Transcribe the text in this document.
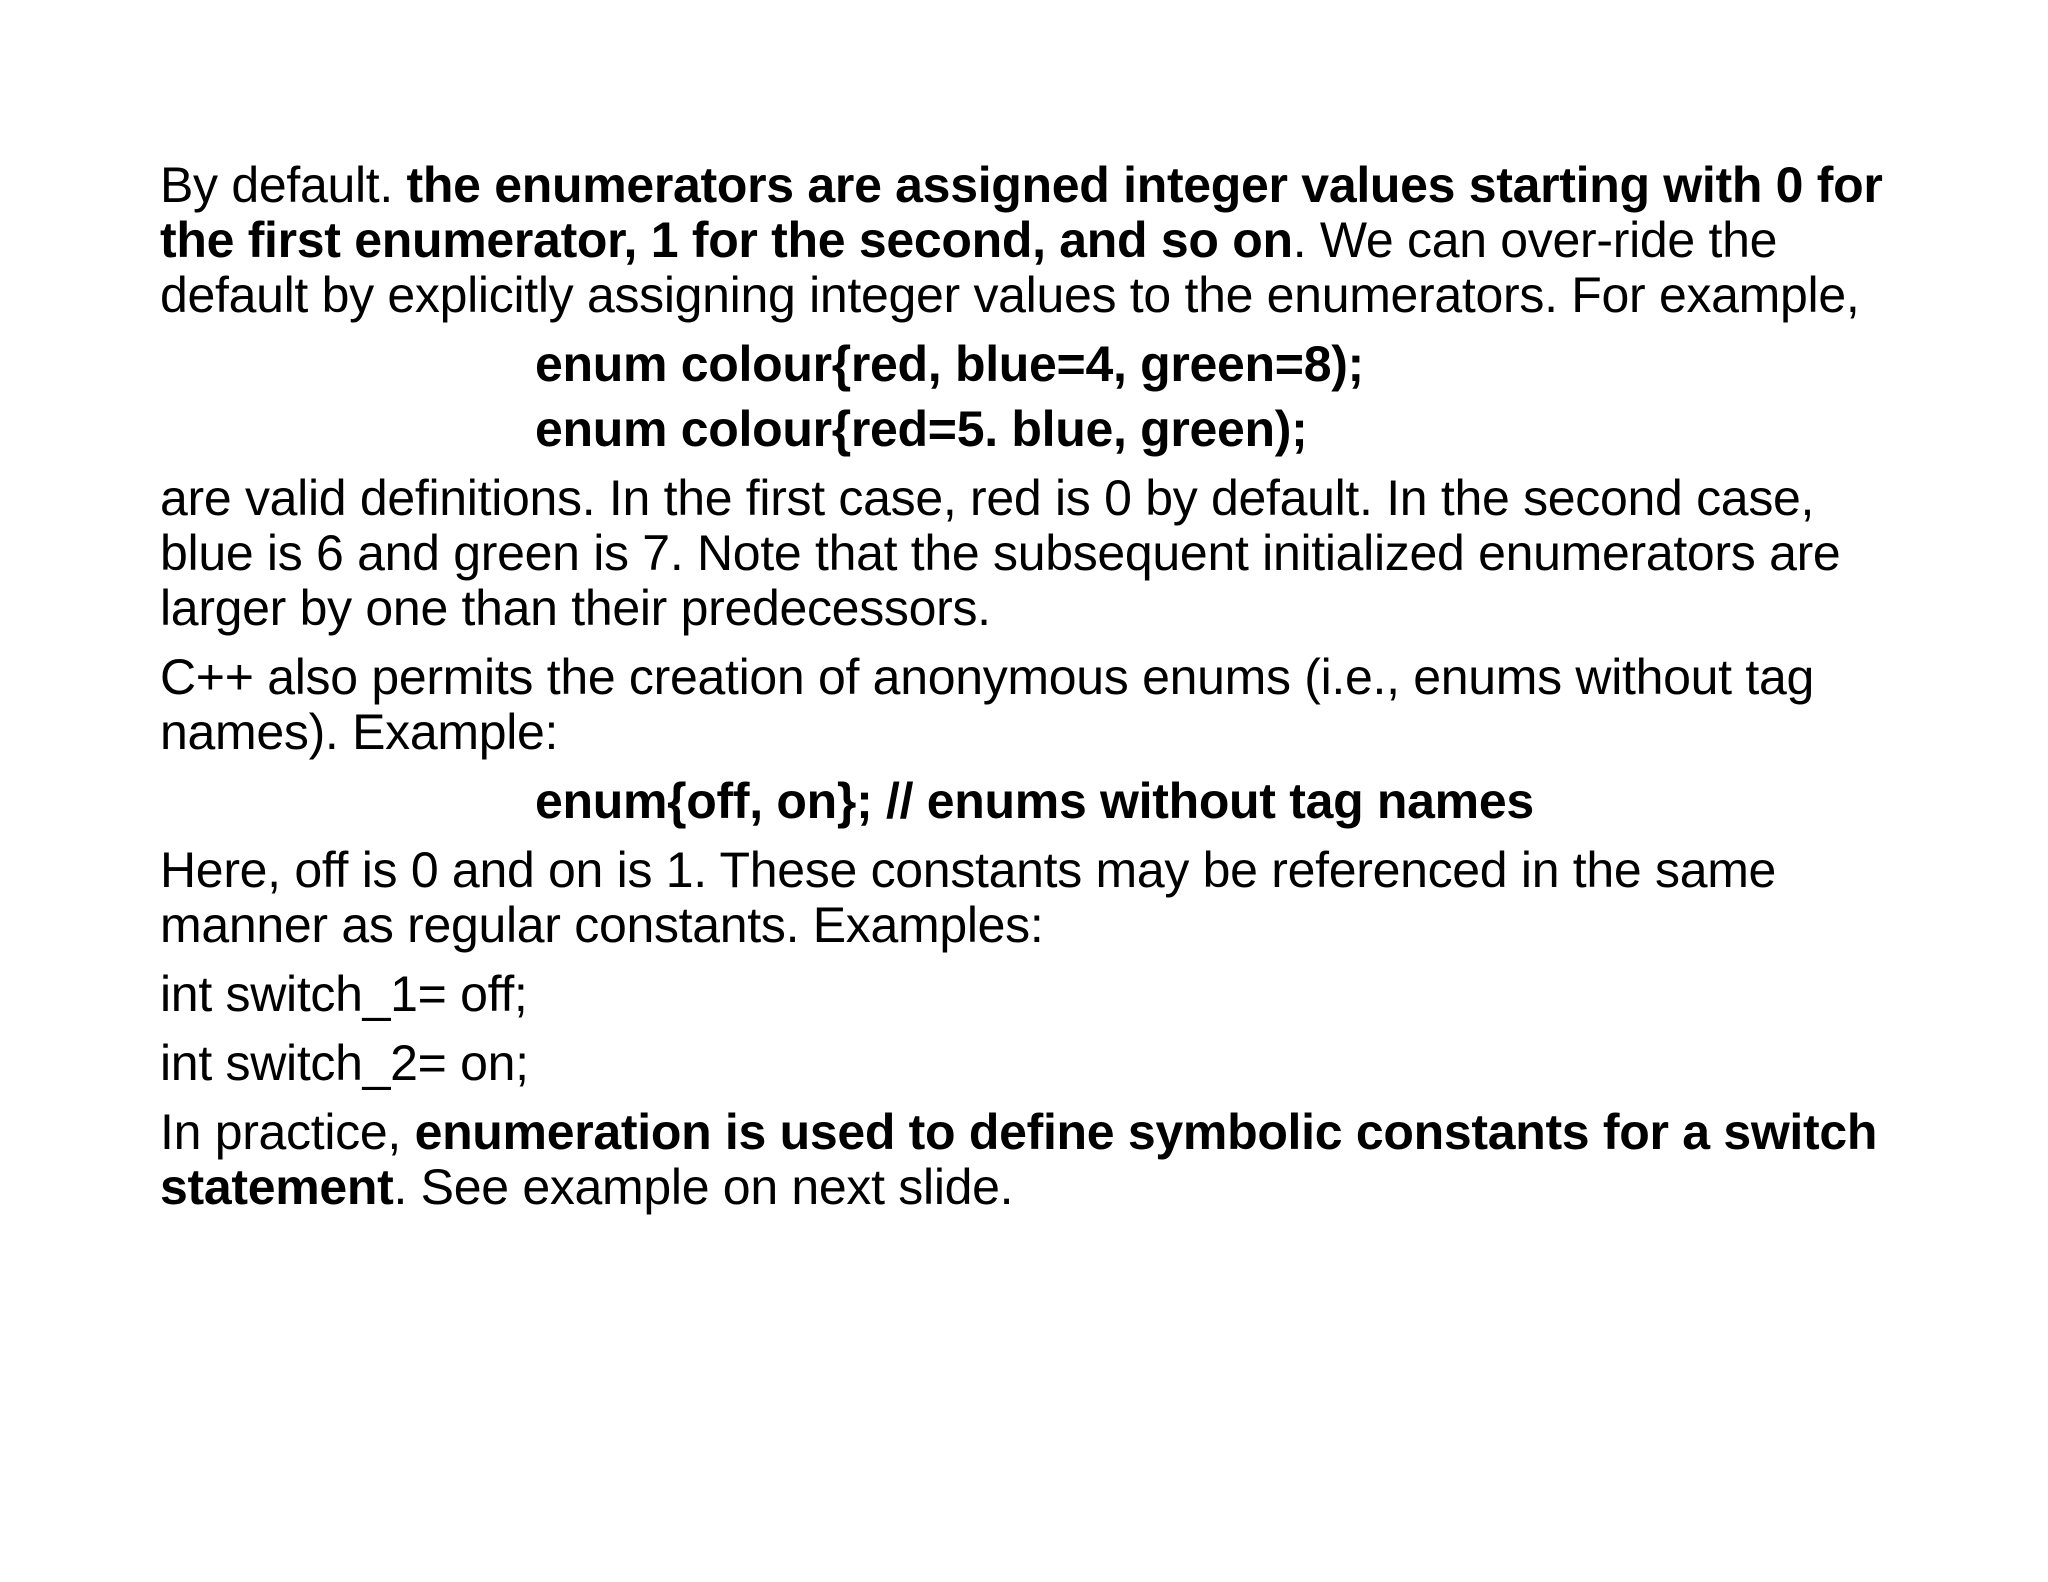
By default. the enumerators are assigned integer values starting with 0 for the first enumerator, 1 for the second, and so on. We can over-ride the default by explicitly assigning integer values to the enumerators. For example,

enum colour{red, blue=4, green=8);
enum colour{red=5. blue, green);

are valid definitions. In the first case, red is 0 by default. In the second case, blue is 6 and green is 7. Note that the subsequent initialized enumerators are larger by one than their predecessors.

C++ also permits the creation of anonymous enums (i.e., enums without tag names). Example:

enum{off, on}; // enums without tag names

Here, off is 0 and on is 1. These constants may be referenced in the same manner as regular constants. Examples:

int switch_1= off;
int switch_2= on;

In practice, enumeration is used to define symbolic constants for a switch statement. See example on next slide.
